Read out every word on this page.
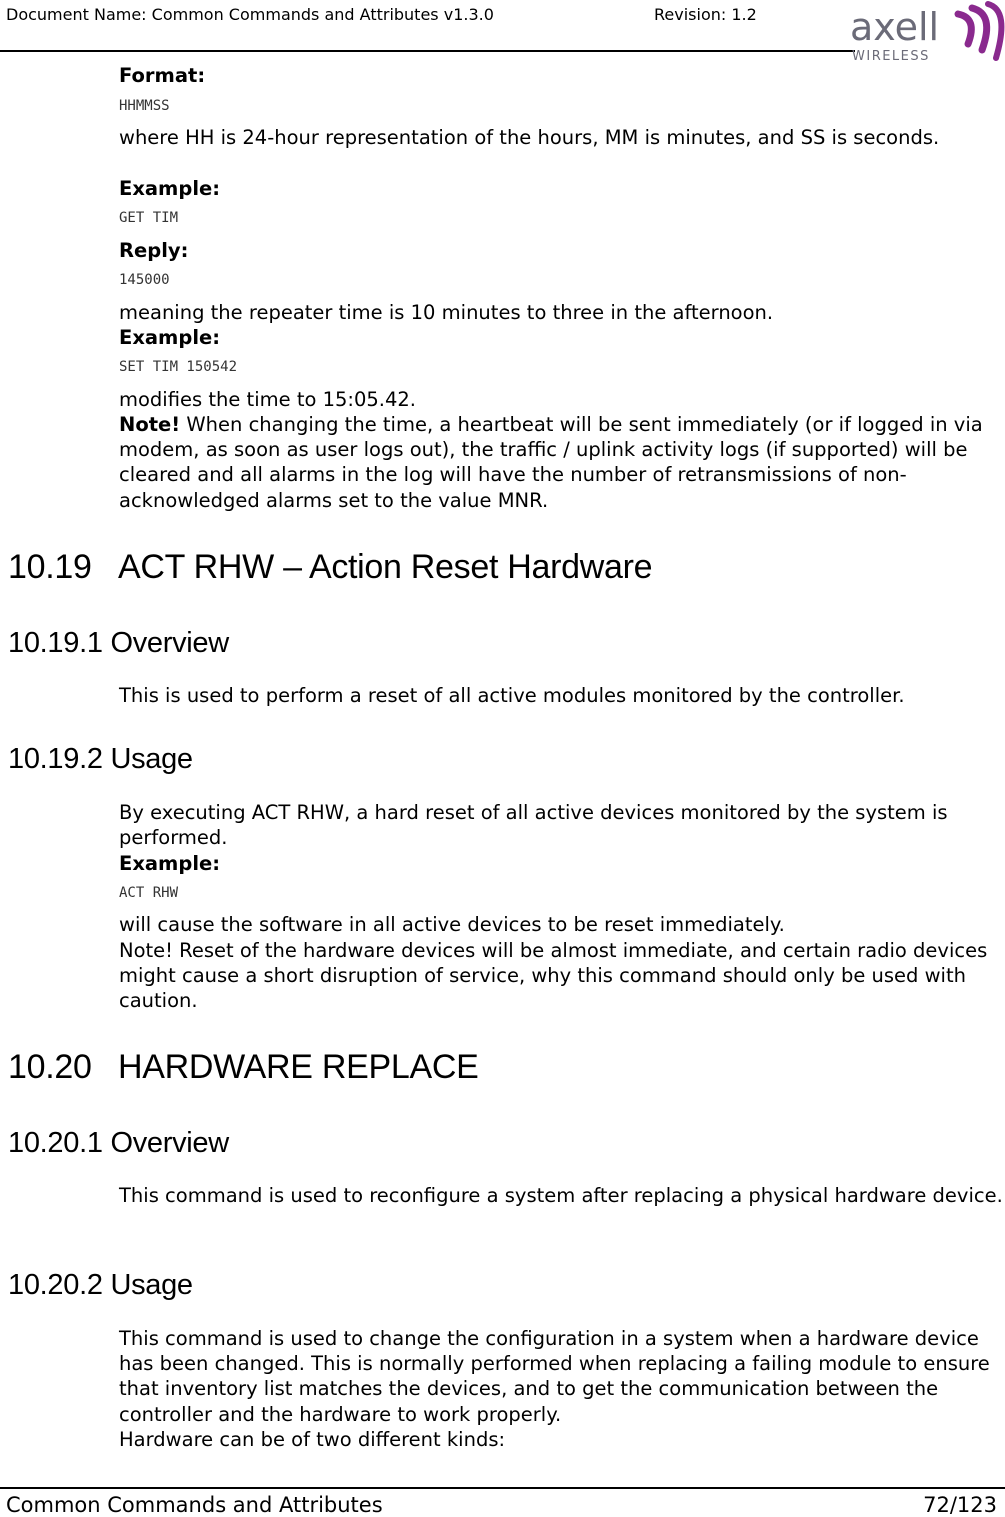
Document Name: Common Commands and Attributes v1.3.0	Revision: 1.2 axell
WIRELESS
Format:
HHMMSS
where HH is 24-hour representation of the hours, MM is minutes, and SS is seconds.
Example:
GET TIM
Reply:
145000
meaning the repeater time is 10 minutes to three in the afternoon.
Example:
SET TIM 150542
modifies the time to 15:05.42.
Note! When changing the time, a heartbeat will be sent immediately (or if logged in via modem, as soon as user logs out), the traffic / uplink activity logs (if supported) will be cleared and all alarms in the log will have the number of retransmissions of non-acknowledged alarms set to the value MNR.
10.19 ACT RHW – Action Reset Hardware
10.19.1 Overview
This is used to perform a reset of all active modules monitored by the controller.
10.19.2 Usage
By executing ACT RHW, a hard reset of all active devices monitored by the system is performed.
Example:
ACT RHW
will cause the software in all active devices to be reset immediately.
Note! Reset of the hardware devices will be almost immediate, and certain radio devices might cause a short disruption of service, why this command should only be used with caution.
10.20 HARDWARE REPLACE
10.20.1 Overview
This command is used to reconfigure a system after replacing a physical hardware device.
10.20.2 Usage
This command is used to change the configuration in a system when a hardware device has been changed. This is normally performed when replacing a failing module to ensure that inventory list matches the devices, and to get the communication between the controller and the hardware to work properly.
Hardware can be of two different kinds:
Common Commands and Attributes	72/123
